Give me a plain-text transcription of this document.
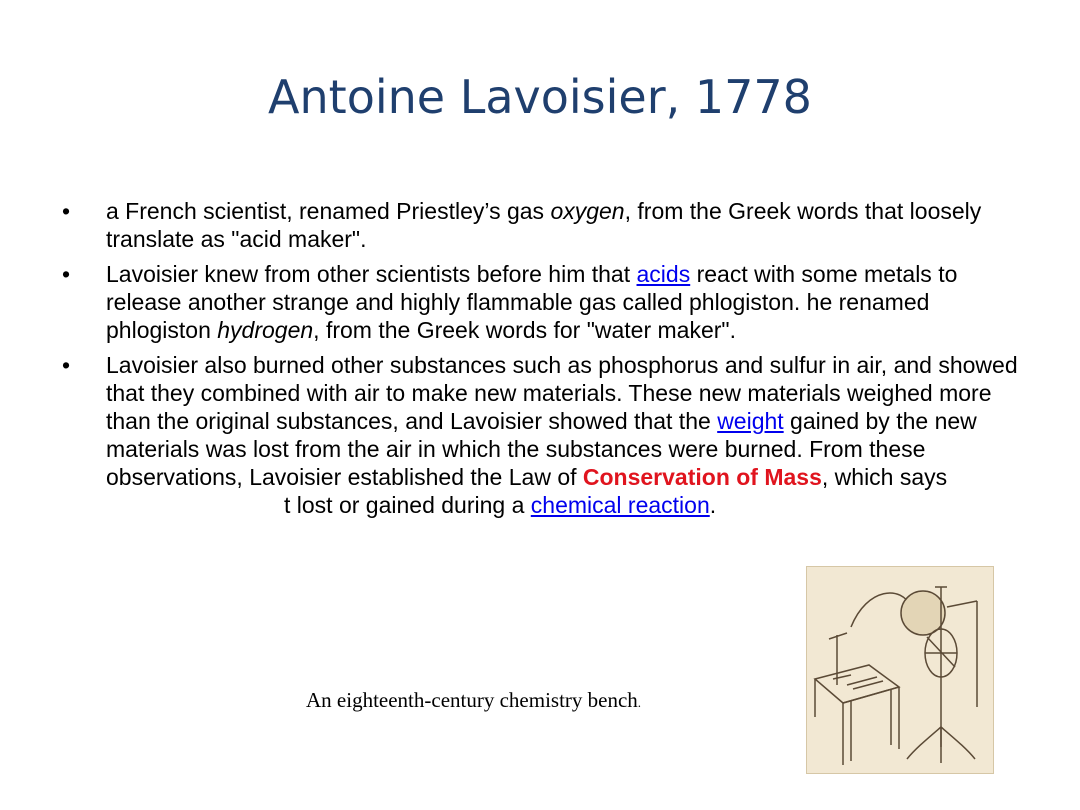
Antoine Lavoisier, 1778
•	a French scientist, renamed Priestley’s gas oxygen, from the Greek words that loosely translate as "acid maker".
•	Lavoisier knew from other scientists before him that acids react with some metals to release another strange and highly flammable gas called phlogiston. he renamed phlogiston hydrogen, from the Greek words for "water maker".
•	Lavoisier also burned other substances such as phosphorus and sulfur in air, and showed that they combined with air to make new materials. These new materials weighed more than the original substances, and Lavoisier showed that the weight gained by the new materials was lost from the air in which the substances were burned. From these observations, Lavoisier established the Law of Conservation of Mass, which sayst lost or gained during a chemical reaction.
An eighteenth-century chemistry bench.
